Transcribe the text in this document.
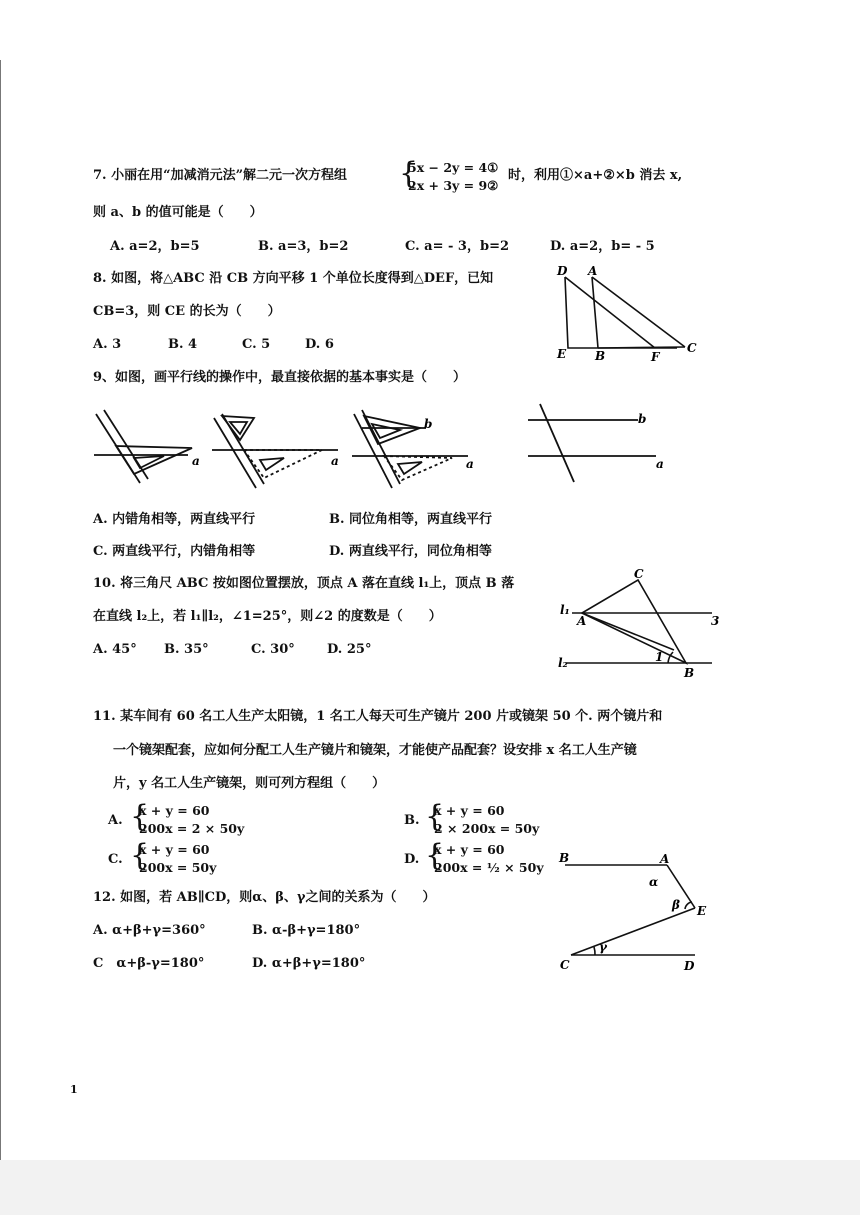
7. 小丽在用“加减消元法”解二元一次方程组 {
5x − 2y = 4①
2x + 3y = 9②
时，利用①×a+②×b 消去 x,
则 a、b 的值可能是（　　）
A. a=2，b=5	B. a=3，b=2	C. a= - 3，b=2	D. a=2，b= - 5
8. 如图，将△ABC 沿 CB 方向平移 1 个单位长度得到△DEF，已知
CB=3，则 CE 的长为（　　）
A. 3	B. 4	C. 5	D. 6
D A
E B	F
C
9、如图，画平行线的操作中，最直接依据的基本事实是（　　）
a	a
b
a
b
a
A. 内错角相等，两直线平行	B. 同位角相等，两直线平行
C. 两直线平行，内错角相等	D. 两直线平行，同位角相等
10. 将三角尺 ABC 按如图位置摆放，顶点 A 落在直线 l₁上，顶点 B 落
在直线 l₂上，若 l₁∥l₂，∠1=25°，则∠2 的度数是（　　）
A. 45° B. 35°	C. 30° D. 25°
C
l₁
A	3
1
l₂
B
11. 某车间有 60 名工人生产太阳镜，1 名工人每天可生产镜片 200 片或镜架 50 个. 两个镜片和
一个镜架配套，应如何分配工人生产镜片和镜架，才能使产品配套？设安排 x 名工人生产镜
片，y 名工人生产镜架，则可列方程组（　　）
A. {
x + y = 60
200x = 2 × 50y
B. {
x + y = 60
2 × 200x = 50y
C. {
x + y = 60
200x = 50y
D. {
x + y = 60
200x = ½ × 50y
12. 如图，若 AB∥CD，则α、β、γ之间的关系为（　　）
A. α+β+γ=360°	B. α-β+γ=180°
C　α+β-γ=180°	D. α+β+γ=180°
B	A
α
β E
γ
C	D
1
